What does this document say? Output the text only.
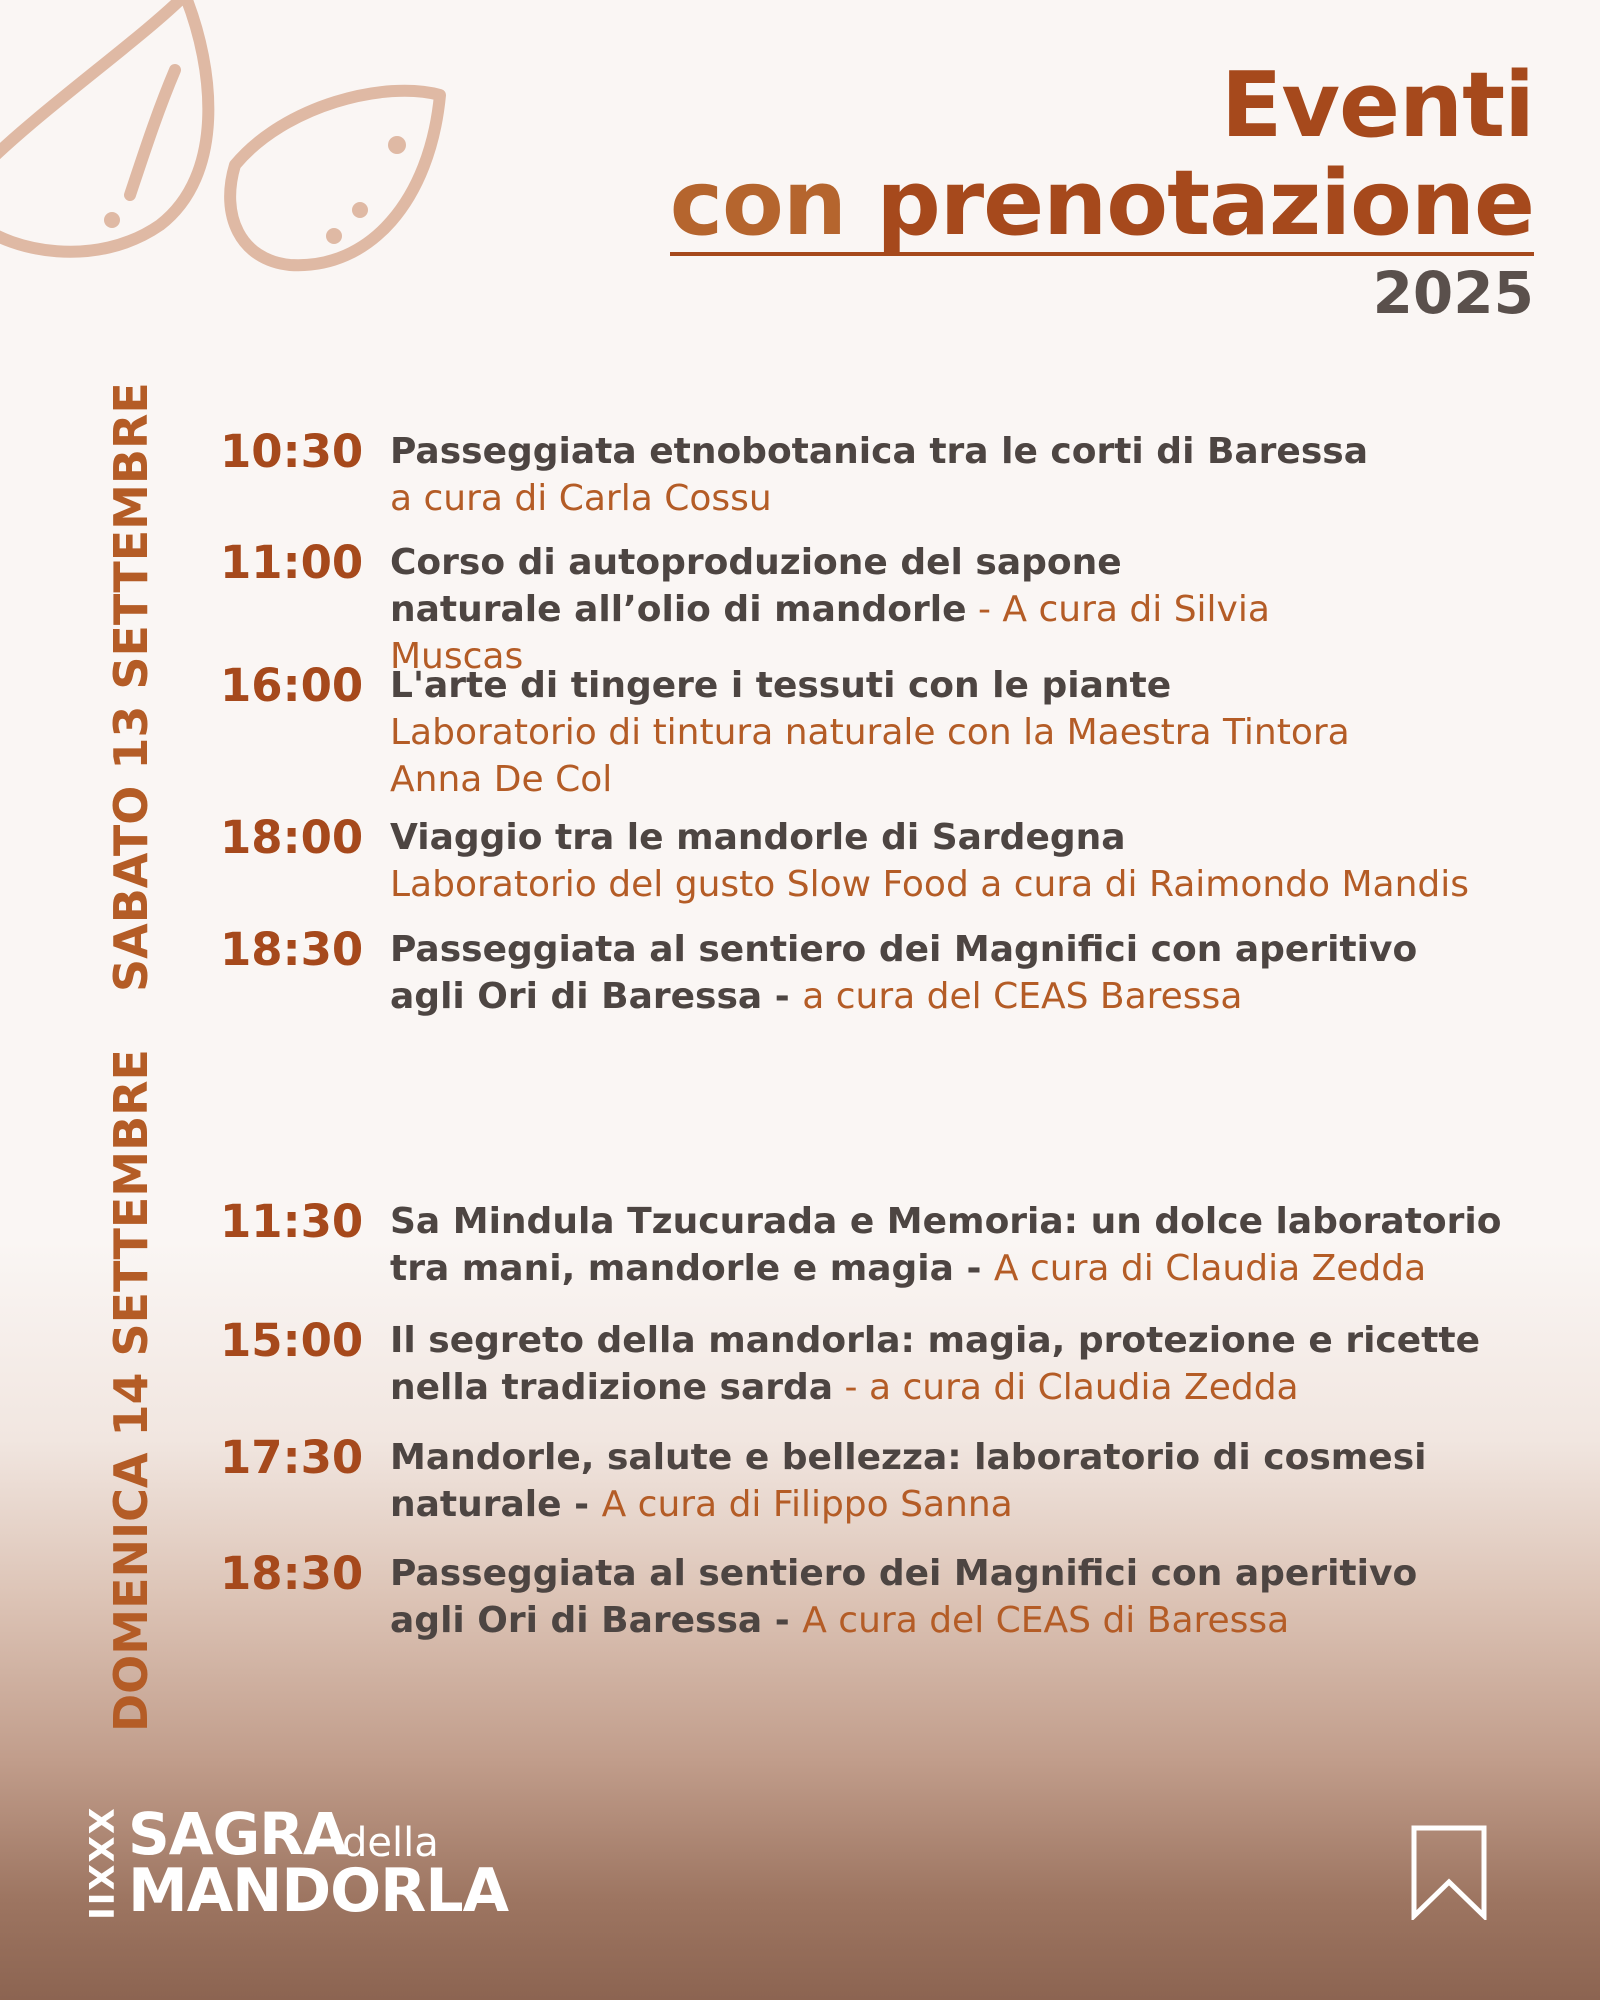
Eventi
con prenotazione
2025
SABATO 13 SETTEMBRE
DOMENICA 14 SETTEMBRE
10:30 Passeggiata etnobotanica tra le corti di Baressa
a cura di Carla Cossu
11:00 Corso di autoproduzione del sapone naturale all’olio di mandorle - A cura di Silvia Muscas
16:00 L'arte di tingere i tessuti con le piante
Laboratorio di tintura naturale con la Maestra Tintora Anna De Col
18:00 Viaggio tra le mandorle di Sardegna
Laboratorio del gusto Slow Food a cura di Raimondo Mandis
18:30 Passeggiata al sentiero dei Magnifici con aperitivo agli Ori di Baressa - a cura del CEAS Baressa
11:30 Sa Mindula Tzucurada e Memoria: un dolce laboratorio tra mani, mandorle e magia - A cura di Claudia Zedda
15:00 Il segreto della mandorla: magia, protezione e ricette nella tradizione sarda - a cura di Claudia Zedda
17:30 Mandorle, salute e bellezza: laboratorio di cosmesi naturale - A cura di Filippo Sanna
18:30 Passeggiata al sentiero dei Magnifici con aperitivo agli Ori di Baressa - A cura del CEAS di Baressa
XXXII SAGRA
della
MANDORLA
